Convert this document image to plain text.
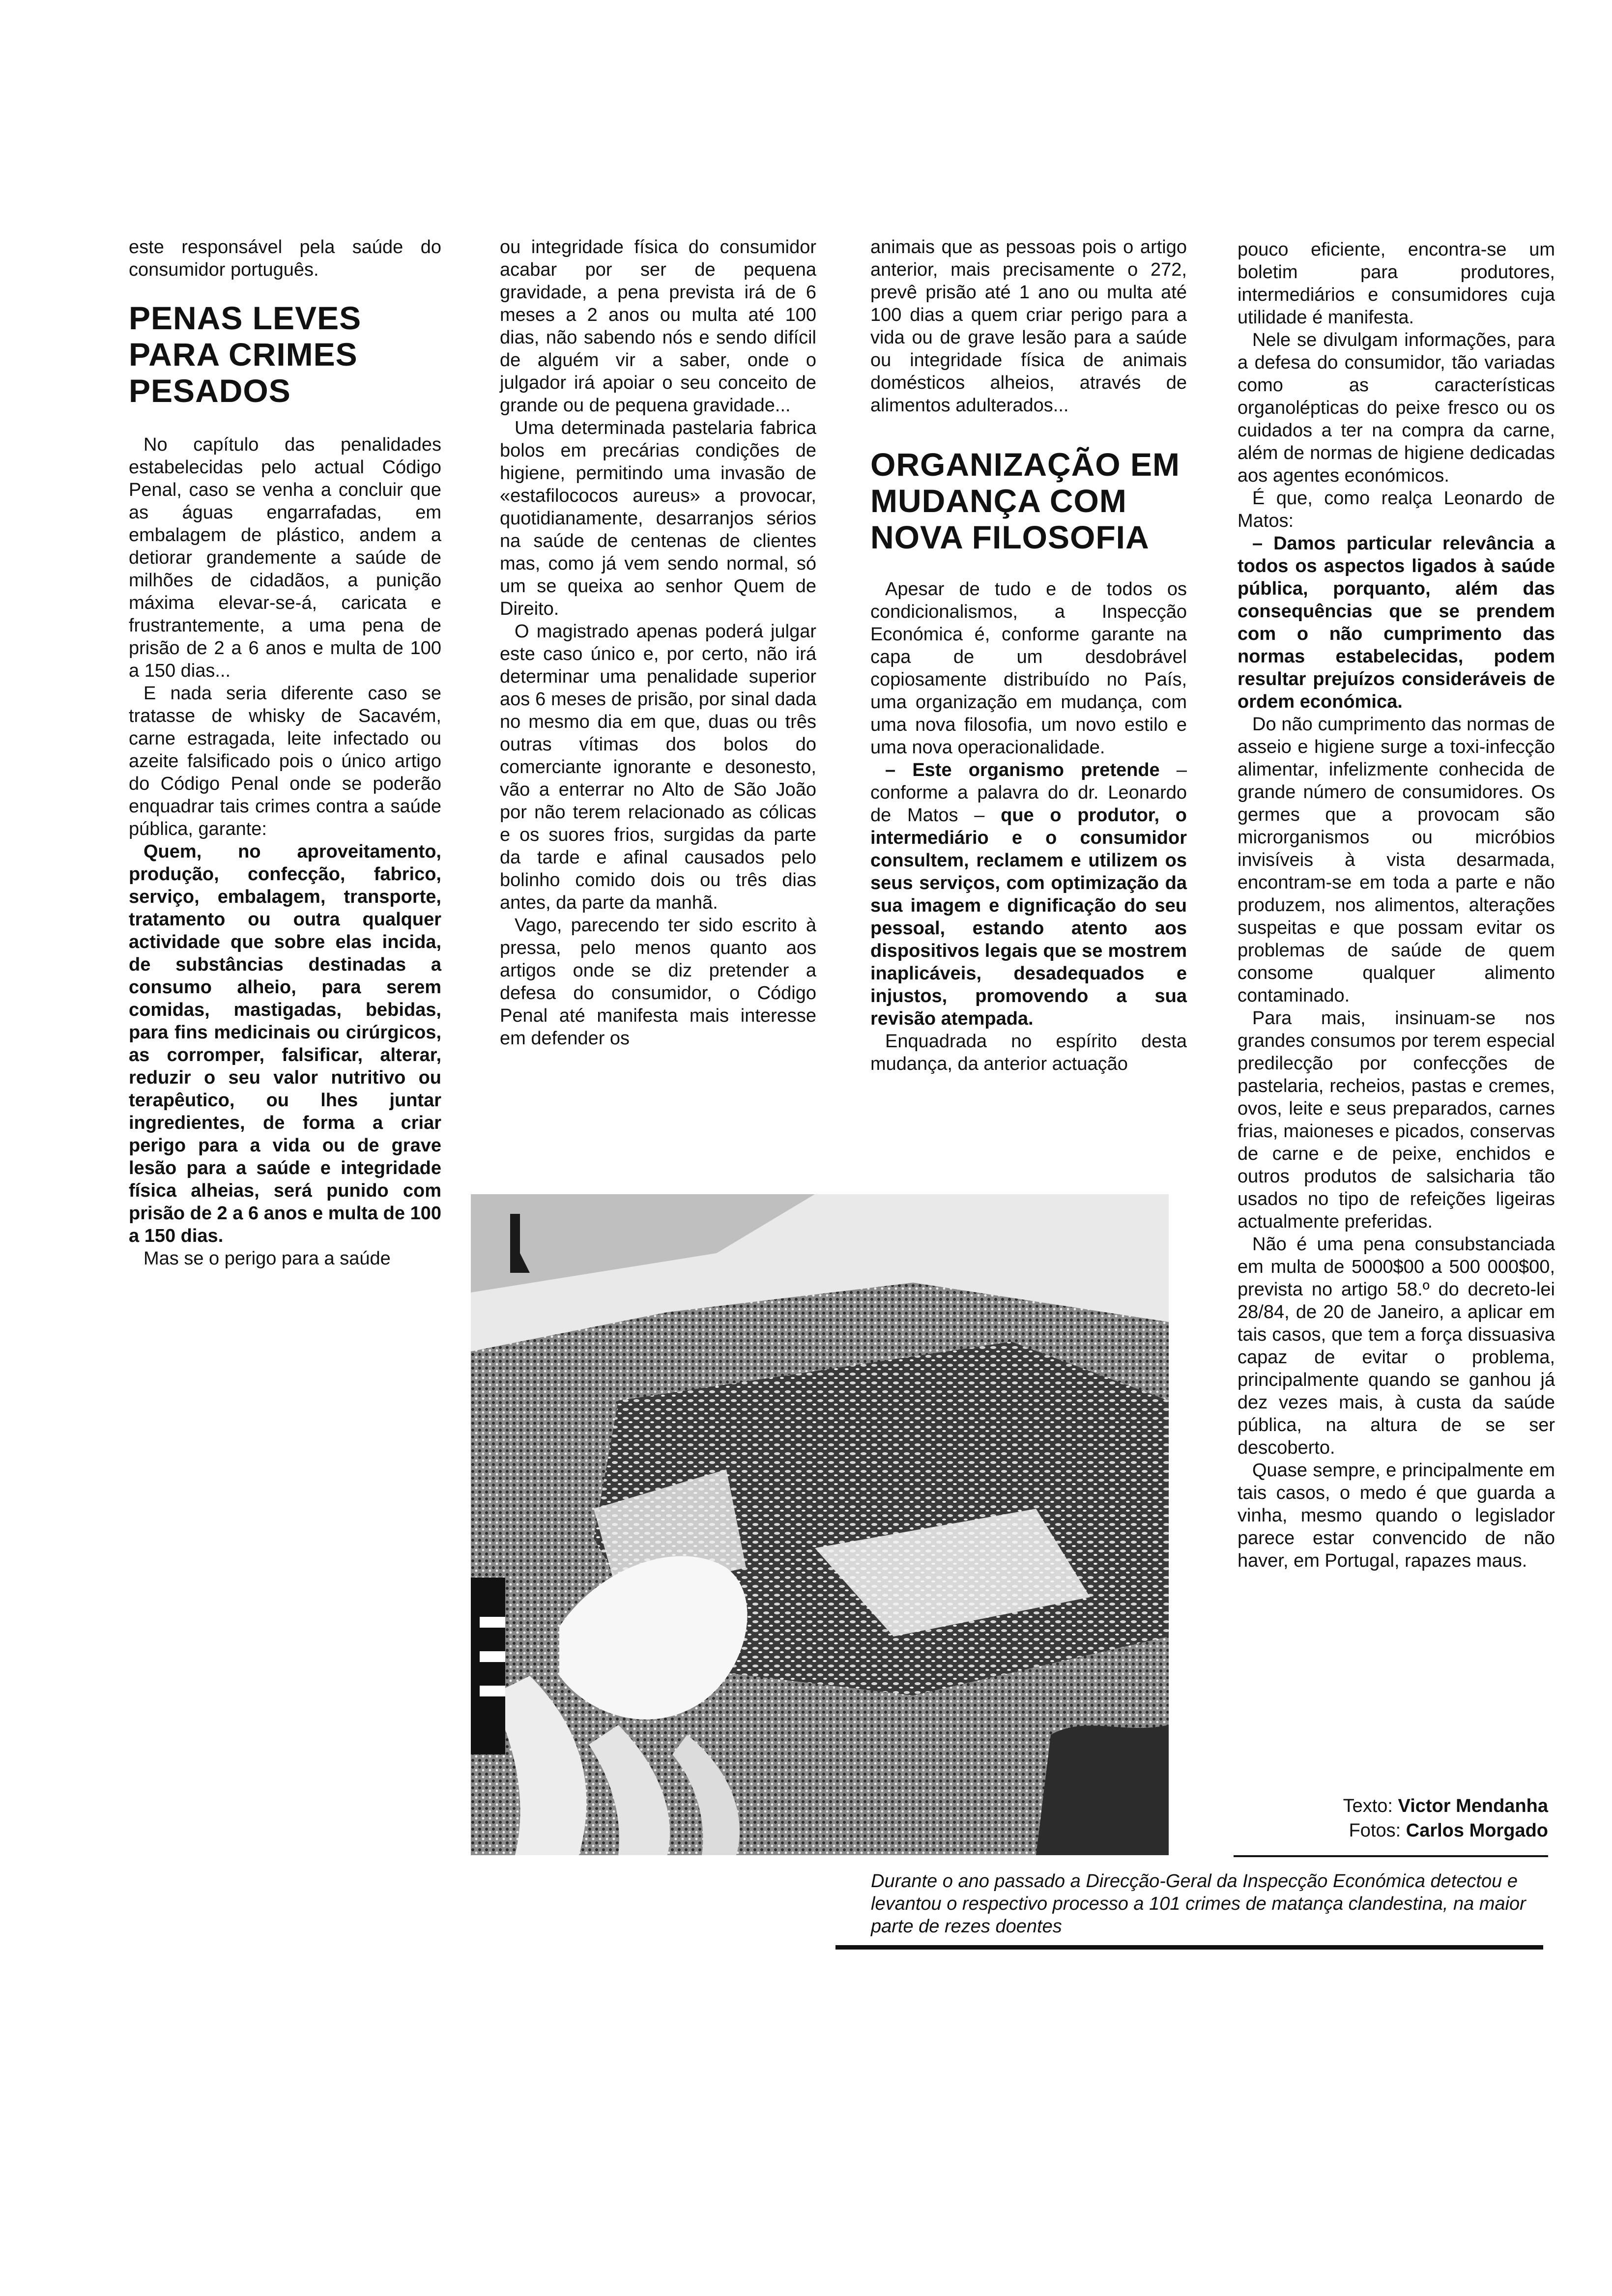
este responsável pela saúde do consumidor português.

PENAS LEVES PARA CRIMES PESADOS

No capítulo das penalidades estabelecidas pelo actual Código Penal, caso se venha a concluir que as águas engarrafadas, em embalagem de plástico, andem a detiorar grandemente a saúde de milhões de cidadãos, a punição máxima elevar-se-á, caricata e frustrantemente, a uma pena de prisão de 2 a 6 anos e multa de 100 a 150 dias...

E nada seria diferente caso se tratasse de whisky de Sacavém, carne estragada, leite infectado ou azeite falsificado pois o único artigo do Código Penal onde se poderão enquadrar tais crimes contra a saúde pública, garante:

Quem, no aproveitamento, produção, confecção, fabrico, serviço, embalagem, transporte, tratamento ou outra qualquer actividade que sobre elas incida, de substâncias destinadas a consumo alheio, para serem comidas, mastigadas, bebidas, para fins medicinais ou cirúrgicos, as corromper, falsificar, alterar, reduzir o seu valor nutritivo ou terapêutico, ou lhes juntar ingredientes, de forma a criar perigo para a vida ou de grave lesão para a saúde e integridade física alheias, será punido com prisão de 2 a 6 anos e multa de 100 a 150 dias.

Mas se o perigo para a saúde

ou integridade física do consumidor acabar por ser de pequena gravidade, a pena prevista irá de 6 meses a 2 anos ou multa até 100 dias, não sabendo nós e sendo difícil de alguém vir a saber, onde o julgador irá apoiar o seu conceito de grande ou de pequena gravidade...

Uma determinada pastelaria fabrica bolos em precárias condições de higiene, permitindo uma invasão de «estafilococos aureus» a provocar, quotidianamente, desarranjos sérios na saúde de centenas de clientes mas, como já vem sendo normal, só um se queixa ao senhor Quem de Direito.

O magistrado apenas poderá julgar este caso único e, por certo, não irá determinar uma penalidade superior aos 6 meses de prisão, por sinal dada no mesmo dia em que, duas ou três outras vítimas dos bolos do comerciante ignorante e desonesto, vão a enterrar no Alto de São João por não terem relacionado as cólicas e os suores frios, surgidas da parte da tarde e afinal causados pelo bolinho comido dois ou três dias antes, da parte da manhã.

Vago, parecendo ter sido escrito à pressa, pelo menos quanto aos artigos onde se diz pretender a defesa do consumidor, o Código Penal até manifesta mais interesse em defender os

animais que as pessoas pois o artigo anterior, mais precisamente o 272, prevê prisão até 1 ano ou multa até 100 dias a quem criar perigo para a vida ou de grave lesão para a saúde ou integridade física de animais domésticos alheios, através de alimentos adulterados...

ORGANIZAÇÃO EM MUDANÇA COM NOVA FILOSOFIA

Apesar de tudo e de todos os condicionalismos, a Inspecção Económica é, conforme garante na capa de um desdobrável copiosamente distribuído no País, uma organização em mudança, com uma nova filosofia, um novo estilo e uma nova operacionalidade.

– Este organismo pretende – conforme a palavra do dr. Leonardo de Matos – que o produtor, o intermediário e o consumidor consultem, reclamem e utilizem os seus serviços, com optimização da sua imagem e dignificação do seu pessoal, estando atento aos dispositivos legais que se mostrem inaplicáveis, desadequados e injustos, promovendo a sua revisão atempada.

Enquadrada no espírito desta mudança, da anterior actuação

pouco eficiente, encontra-se um boletim para produtores, intermediários e consumidores cuja utilidade é manifesta.

Nele se divulgam informações, para a defesa do consumidor, tão variadas como as características organolépticas do peixe fresco ou os cuidados a ter na compra da carne, além de normas de higiene dedicadas aos agentes económicos.

É que, como realça Leonardo de Matos:

– Damos particular relevância a todos os aspectos ligados à saúde pública, porquanto, além das consequências que se prendem com o não cumprimento das normas estabelecidas, podem resultar prejuízos consideráveis de ordem económica.

Do não cumprimento das normas de asseio e higiene surge a toxi-infecção alimentar, infelizmente conhecida de grande número de consumidores. Os germes que a provocam são microrganismos ou micróbios invisíveis à vista desarmada, encontram-se em toda a parte e não produzem, nos alimentos, alterações suspeitas e que possam evitar os problemas de saúde de quem consome qualquer alimento contaminado.

Para mais, insinuam-se nos grandes consumos por terem especial predilecção por confecções de pastelaria, recheios, pastas e cremes, ovos, leite e seus preparados, carnes frias, maioneses e picados, conservas de carne e de peixe, enchidos e outros produtos de salsicharia tão usados no tipo de refeições ligeiras actualmente preferidas.

Não é uma pena consubstanciada em multa de 5000$00 a 500 000$00, prevista no artigo 58.º do decreto-lei 28/84, de 20 de Janeiro, a aplicar em tais casos, que tem a força dissuasiva capaz de evitar o problema, principalmente quando se ganhou já dez vezes mais, à custa da saúde pública, na altura de se ser descoberto.

Quase sempre, e principalmente em tais casos, o medo é que guarda a vinha, mesmo quando o legislador parece estar convencido de não haver, em Portugal, rapazes maus.

Texto: Victor Mendanha
Fotos: Carlos Morgado
Durante o ano passado a Direcção-Geral da Inspecção Económica detectou e levantou o respectivo processo a 101 crimes de matança clandestina, na maior parte de rezes doentes
